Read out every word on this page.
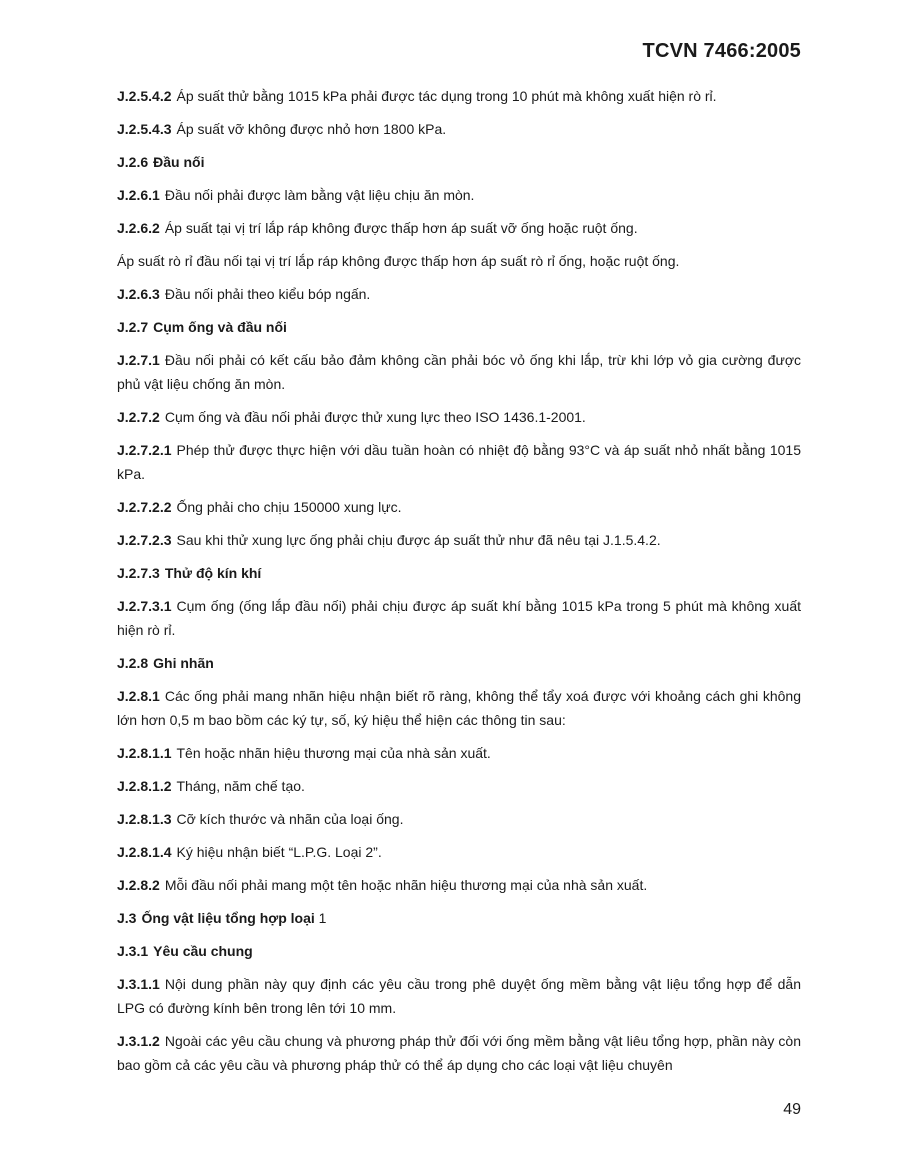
TCVN 7466:2005
J.2.5.4.2 Áp suất thử bằng 1015 kPa phải được tác dụng trong 10 phút mà không xuất hiện rò rỉ.
J.2.5.4.3 Áp suất vỡ không được nhỏ hơn 1800 kPa.
J.2.6 Đầu nối
J.2.6.1 Đầu nối phải được làm bằng vật liệu chịu ăn mòn.
J.2.6.2 Áp suất tại vị trí lắp ráp không được thấp hơn áp suất vỡ ống hoặc ruột ống.
Áp suất rò rỉ đầu nối tại vị trí lắp ráp không được thấp hơn áp suất rò rỉ ống, hoặc ruột ống.
J.2.6.3 Đầu nối phải theo kiểu bóp ngấn.
J.2.7 Cụm ống và đầu nối
J.2.7.1 Đầu nối phải có kết cấu bảo đảm không cần phải bóc vỏ ống khi lắp, trừ khi lớp vỏ gia cường được phủ vật liệu chống ăn mòn.
J.2.7.2 Cụm ống và đầu nối phải được thử xung lực theo ISO 1436.1-2001.
J.2.7.2.1 Phép thử được thực hiện với dầu tuần hoàn có nhiệt độ bằng 93°C và áp suất nhỏ nhất bằng 1015 kPa.
J.2.7.2.2 Ống phải cho chịu 150000 xung lực.
J.2.7.2.3 Sau khi thử xung lực ống phải chịu được áp suất thử như đã nêu tại J.1.5.4.2.
J.2.7.3 Thử độ kín khí
J.2.7.3.1 Cụm ống (ống lắp đầu nối) phải chịu được áp suất khí bằng 1015 kPa trong 5 phút mà không xuất hiện rò rỉ.
J.2.8 Ghi nhãn
J.2.8.1 Các ống phải mang nhãn hiệu nhận biết rõ ràng, không thể tẩy xoá được với khoảng cách ghi không lớn hơn 0,5 m bao bồm các ký tự, số, ký hiệu thể hiện các thông tin sau:
J.2.8.1.1 Tên hoặc nhãn hiệu thương mại của nhà sản xuất.
J.2.8.1.2 Tháng, năm chế tạo.
J.2.8.1.3 Cỡ kích thước và nhãn của loại ống.
J.2.8.1.4 Ký hiệu nhận biết “L.P.G. Loại 2”.
J.2.8.2 Mỗi đầu nối phải mang một tên hoặc nhãn hiệu thương mại của nhà sản xuất.
J.3 Ống vật liệu tổng hợp loại 1
J.3.1 Yêu cầu chung
J.3.1.1 Nội dung phần này quy định các yêu cầu trong phê duyệt ống mềm bằng vật liệu tổng hợp để dẫn LPG có đường kính bên trong lên tới 10 mm.
J.3.1.2 Ngoài các yêu cầu chung và phương pháp thử đối với ống mềm bằng vật liêu tổng hợp, phần này còn bao gồm cả các yêu cầu và phương pháp thử có thể áp dụng cho các loại vật liệu chuyên
49
